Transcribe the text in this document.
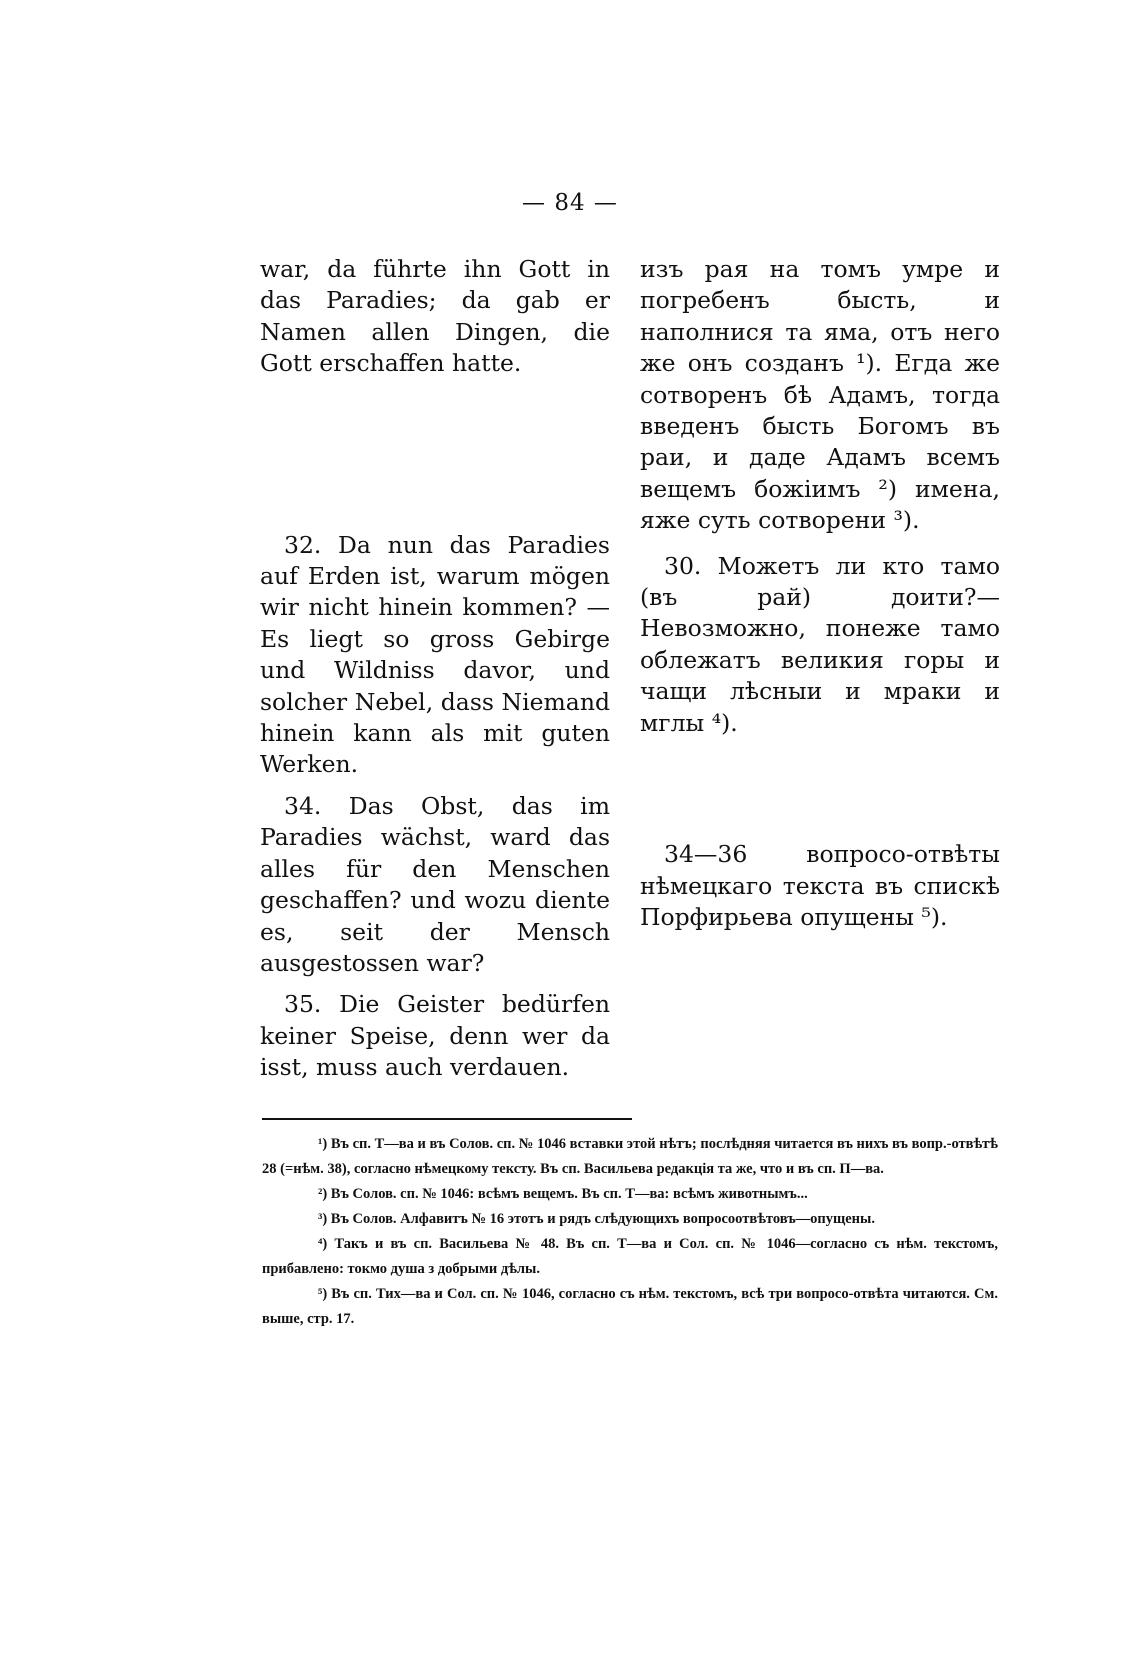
— 84 —

war, da führte ihn Gott in das Paradies; da gab er Namen allen Dingen, die Gott erschaffen hatte.

32. Da nun das Paradies auf Erden ist, warum mögen wir nicht hinein kommen? — Es liegt so gross Gebirge und Wildniss davor, und solcher Nebel, dass Niemand hinein kann als mit guten Werken.

34. Das Obst, das im Paradies wächst, ward das alles für den Menschen geschaffen? und wozu diente es, seit der Mensch ausgestossen war?

35. Die Geister bedürfen keiner Speise, denn wer da isst, muss auch verdauen.

изъ рая на томъ умре и погребенъ бысть, и наполнися та яма, отъ него же онъ созданъ ¹). Егда же сотворенъ бѣ Адамъ, тогда введенъ бысть Богомъ въ раи, и даде Адамъ всемъ вещемъ божіимъ ²) имена, яже суть сотворени ³).

30. Можетъ ли кто тамо (въ рай) доити?—Невозможно, понеже тамо облежатъ великия горы и чащи лѣсныи и мраки и мглы ⁴).

34—36 вопросо-отвѣты нѣмецкаго текста въ спискѣ Порфирьева опущены ⁵).

¹) Въ сп. Т—ва и въ Солов. сп. № 1046 вставки этой нѣтъ; послѣдняя читается въ нихъ въ вопр.-отвѣтѣ 28 (=нѣм. 38), согласно нѣмецкому тексту. Въ сп. Васильева редакція та же, что и въ сп. П—ва.

²) Въ Солов. сп. № 1046: всѣмъ вещемъ. Въ сп. Т—ва: всѣмъ животнымъ...

³) Въ Солов. Алфавитъ № 16 этотъ и рядъ слѣдующихъ вопросоотвѣтовъ—опущены.

⁴) Такъ и въ сп. Васильева № 48. Въ сп. Т—ва и Сол. сп. № 1046—согласно съ нѣм. текстомъ, прибавлено: токмо душа з добрыми дѣлы.

⁵) Въ сп. Тих—ва и Сол. сп. № 1046, согласно съ нѣм. текстомъ, всѣ три вопросо-отвѣта читаются. См. выше, стр. 17.
